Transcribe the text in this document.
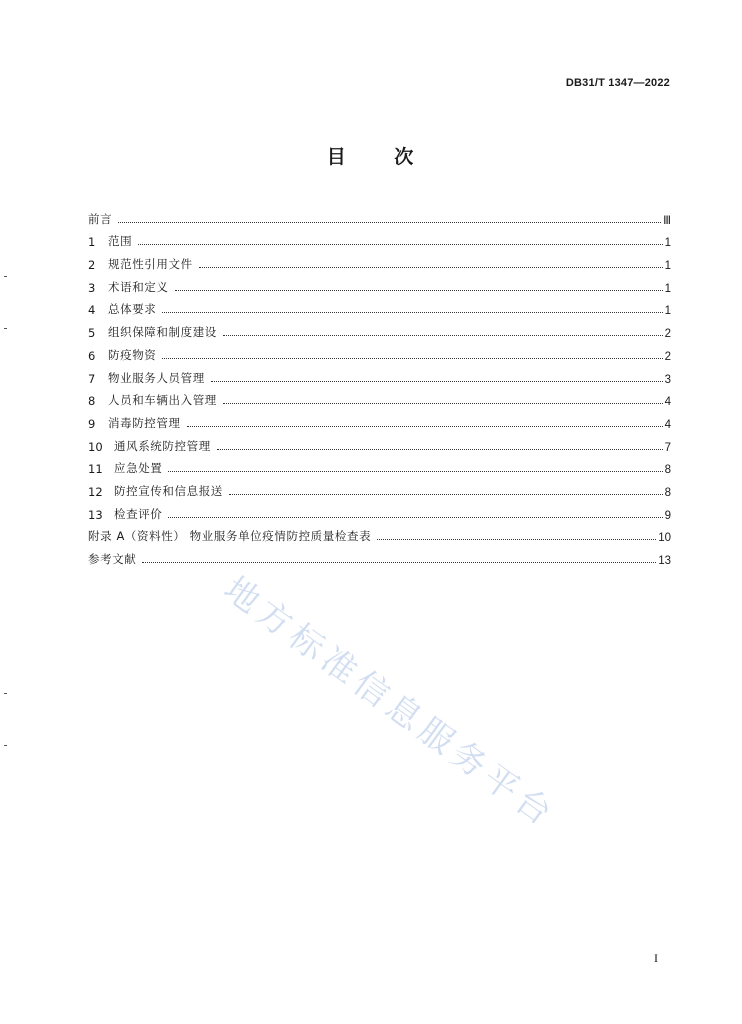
DB31/T 1347—2022
目 次
前言	Ⅲ
1	范围	1
2	规范性引用文件	1
3	术语和定义	1
4	总体要求	1
5	组织保障和制度建设	2
6	防疫物资	2
7	物业服务人员管理	3
8	人员和车辆出入管理	4
9	消毒防控管理	4
10 通风系统防控管理	7
11 应急处置	8
12 防控宣传和信息报送	8
13 检查评价	9
附录 A（资料性） 物业服务单位疫情防控质量检查表	10
参考文献	13
地方标准信息服务平台
I
